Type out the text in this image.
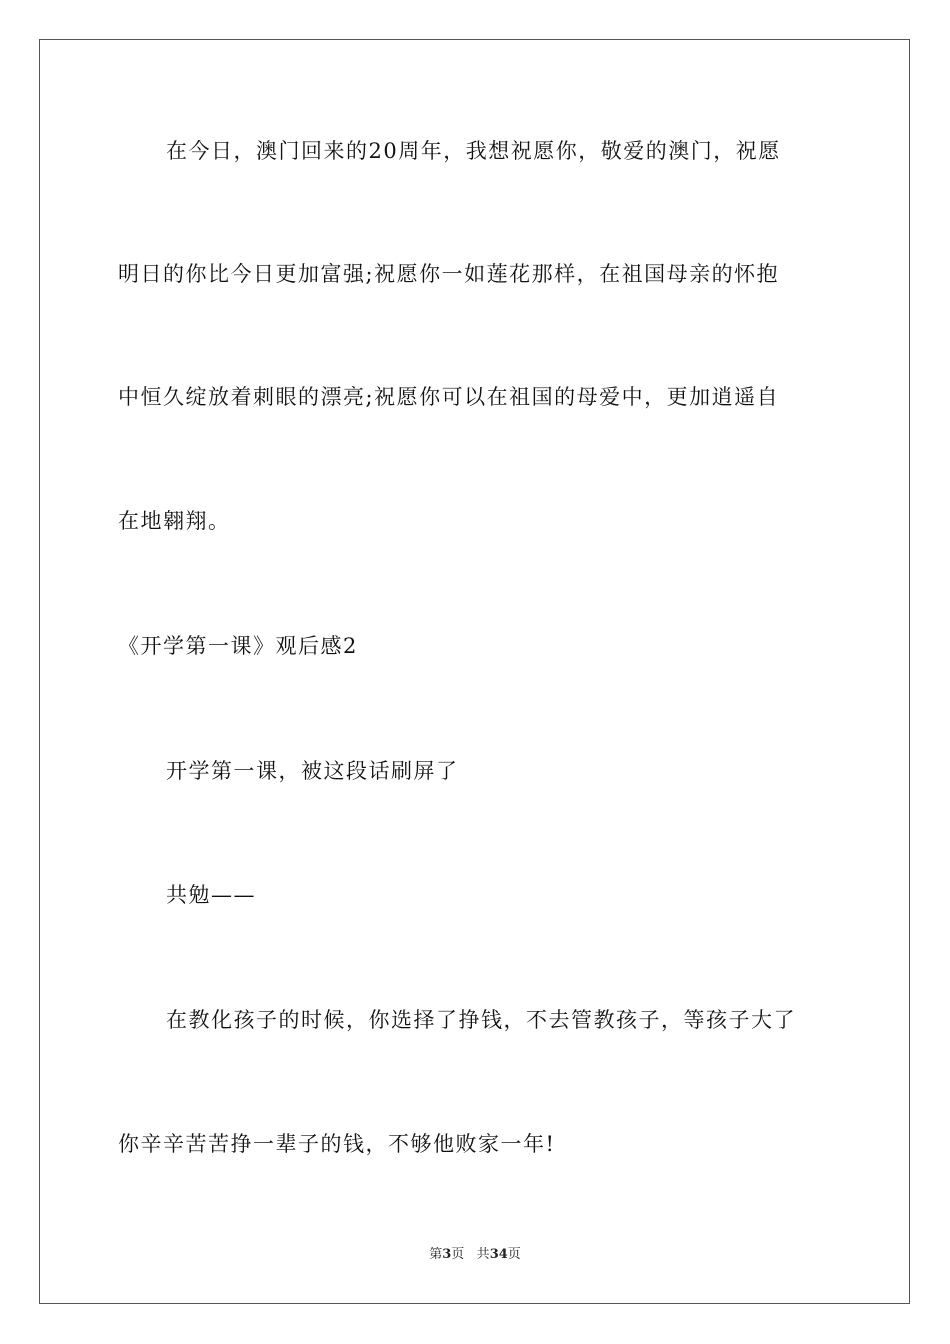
在今日，澳门回来的20周年，我想祝愿你，敬爱的澳门，祝愿
明日的你比今日更加富强;祝愿你一如莲花那样，在祖国母亲的怀抱
中恒久绽放着刺眼的漂亮;祝愿你可以在祖国的母爱中，更加逍遥自
在地翱翔。
《开学第一课》观后感2
开学第一课，被这段话刷屏了
共勉——
在教化孩子的时候，你选择了挣钱，不去管教孩子，等孩子大了
你辛辛苦苦挣一辈子的钱，不够他败家一年!
第3页 共34页
